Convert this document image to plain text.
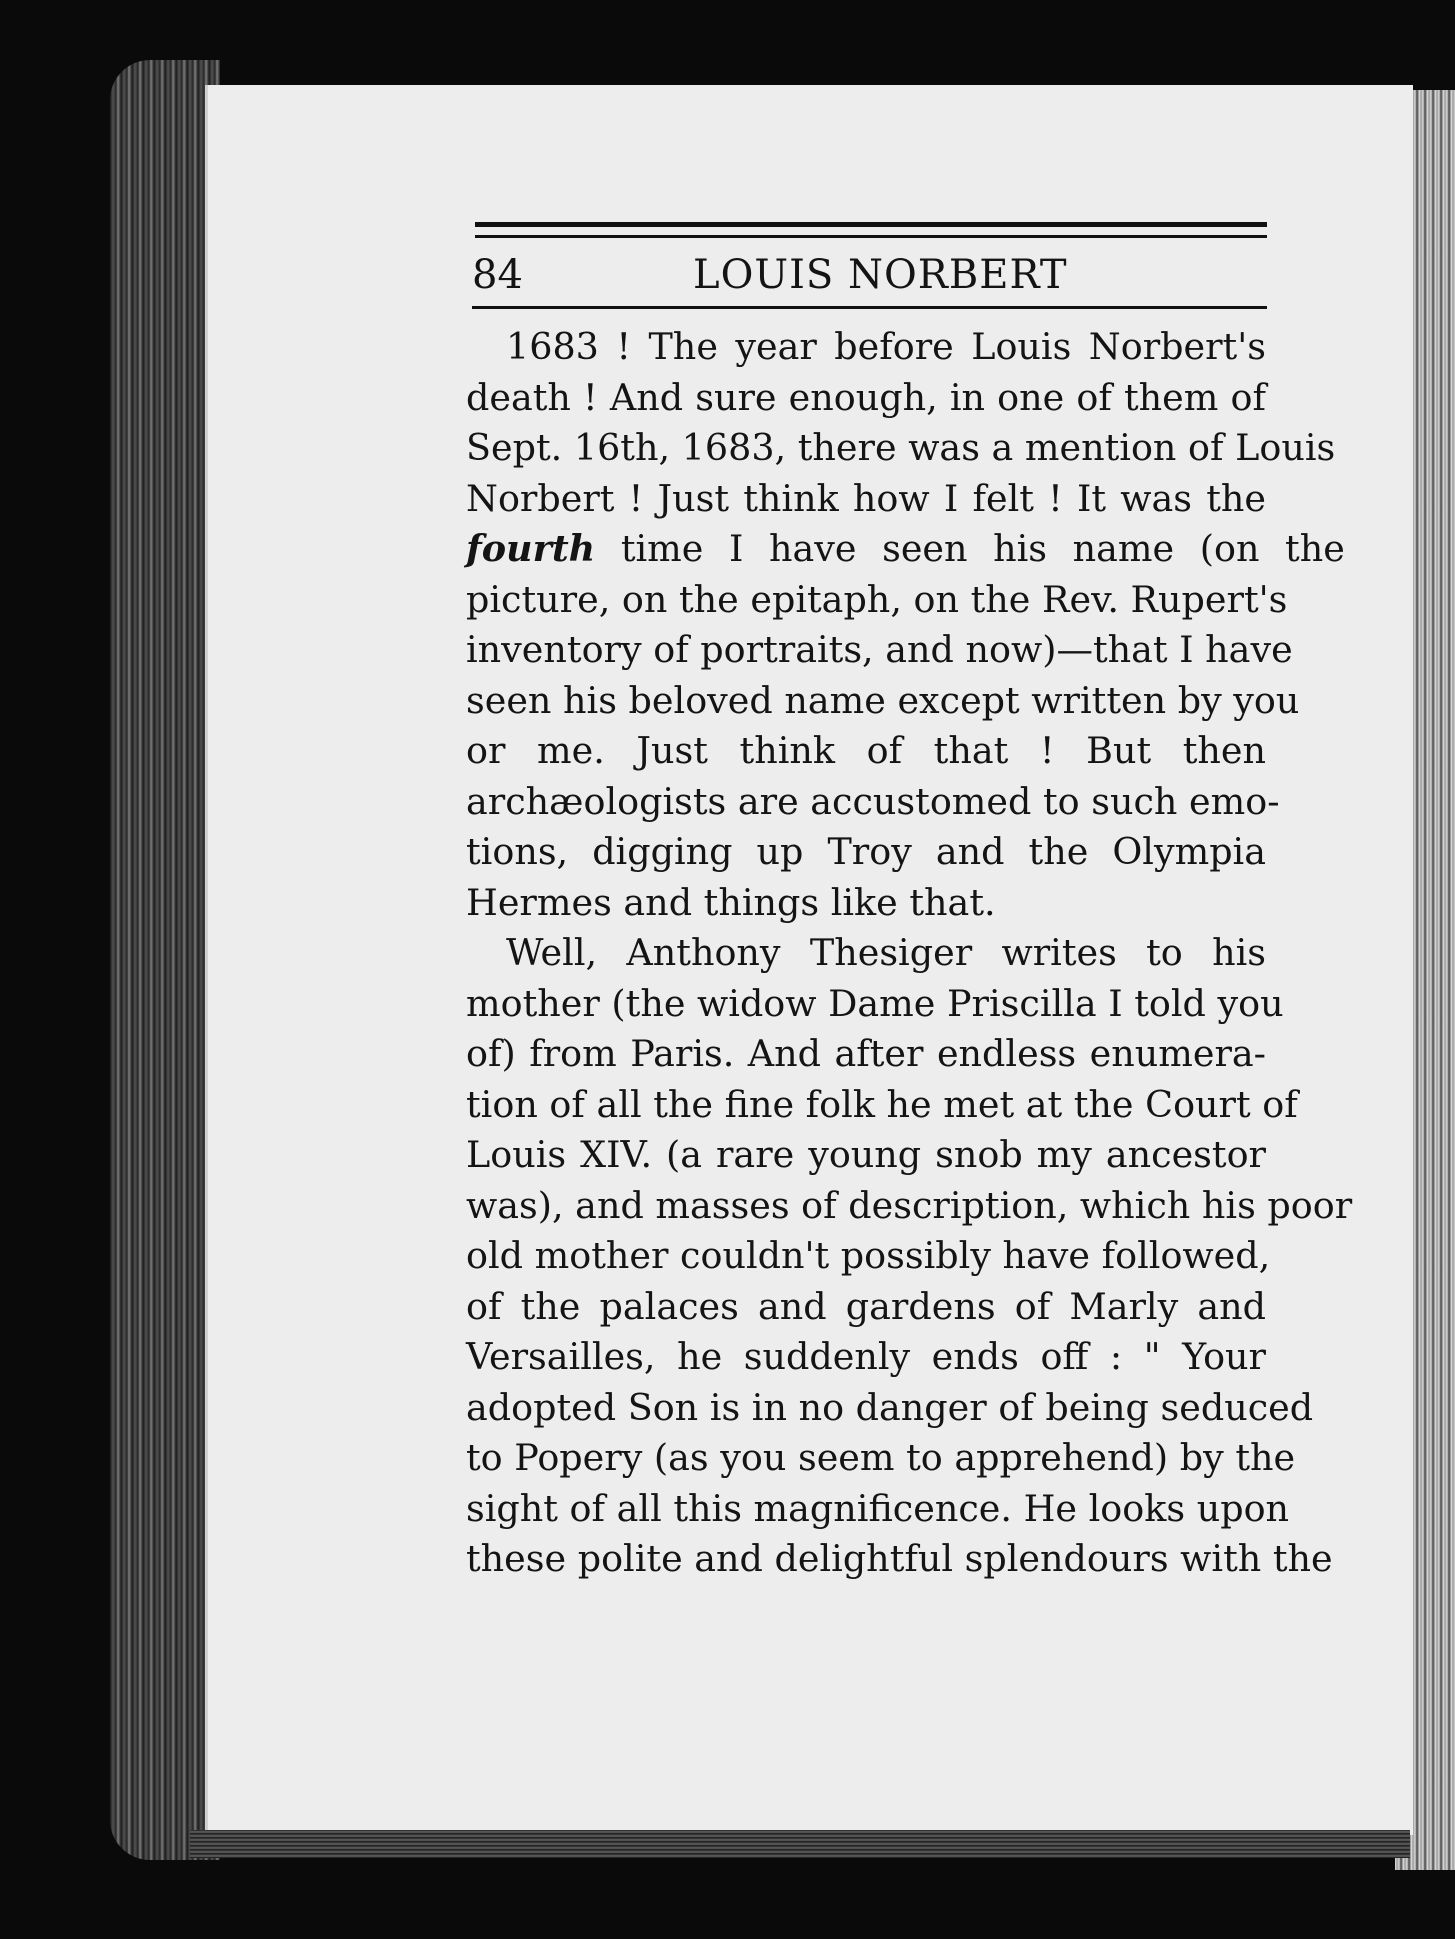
84	LOUIS NORBERT
1683 ! The year before Louis Norbert's
death ! And sure enough, in one of them of
Sept. 16th, 1683, there was a mention of Louis
Norbert ! Just think how I felt ! It was the
fourth time I have seen his name (on the
picture, on the epitaph, on the Rev. Rupert's
inventory of portraits, and now)—that I have
seen his beloved name except written by you
or me. Just think of that ! But then
archæologists are accustomed to such emo-
tions, digging up Troy and the Olympia
Hermes and things like that.
Well, Anthony Thesiger writes to his
mother (the widow Dame Priscilla I told you
of) from Paris. And after endless enumera-
tion of all the fine folk he met at the Court of
Louis XIV. (a rare young snob my ancestor
was), and masses of description, which his poor
old mother couldn't possibly have followed,
of the palaces and gardens of Marly and
Versailles, he suddenly ends off : " Your
adopted Son is in no danger of being seduced
to Popery (as you seem to apprehend) by the
sight of all this magnificence. He looks upon
these polite and delightful splendours with the
